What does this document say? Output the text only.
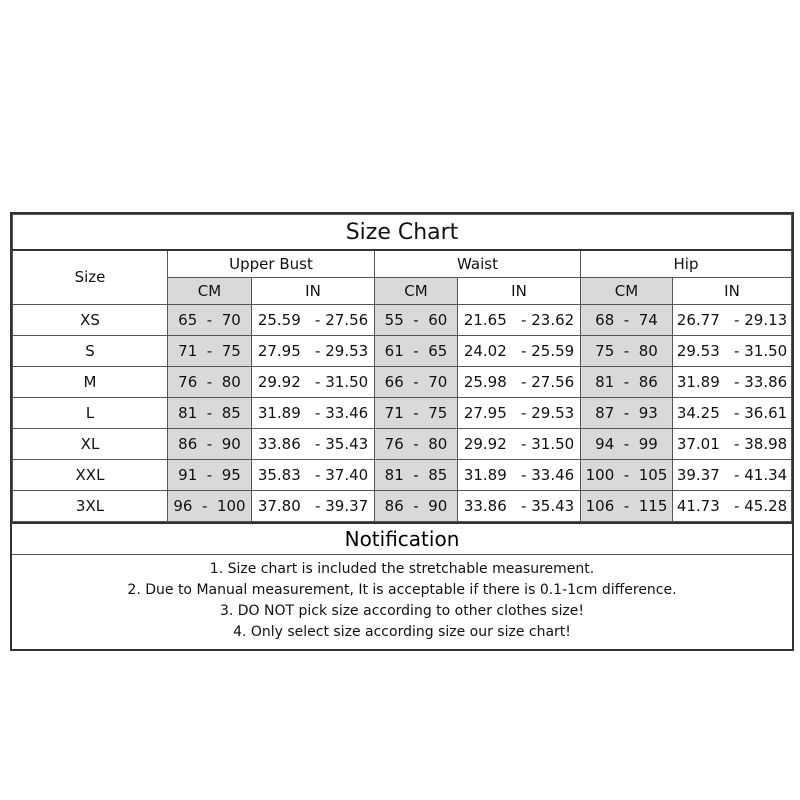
Size Chart						
Size	Upper Bust		Waist		Hip	
	CM	IN	CM	IN	CM	IN
XS	65  -  70	25.59   - 27.56	55  -  60	21.65   - 23.62	68  -  74	26.77   - 29.13
S	71  -  75	27.95   - 29.53	61  -  65	24.02   - 25.59	75  -  80	29.53   - 31.50
M	76  -  80	29.92   - 31.50	66  -  70	25.98   - 27.56	81  -  86	31.89   - 33.86
L	81  -  85	31.89   - 33.46	71  -  75	27.95   - 29.53	87  -  93	34.25   - 36.61
XL	86  -  90	33.86   - 35.43	76  -  80	29.92   - 31.50	94  -  99	37.01   - 38.98
XXL	91  -  95	35.83   - 37.40	81  -  85	31.89   - 33.46	100  -  105	39.37   - 41.34
3XL	96  -  100	37.80   - 39.37	86  -  90	33.86   - 35.43	106  -  115	41.73   - 45.28
Notification
1. Size chart is included the stretchable measurement.
2. Due to Manual measurement, It is acceptable if there is 0.1-1cm difference.
3. DO NOT pick size according to other clothes size!
4. Only select size according size our size chart!
